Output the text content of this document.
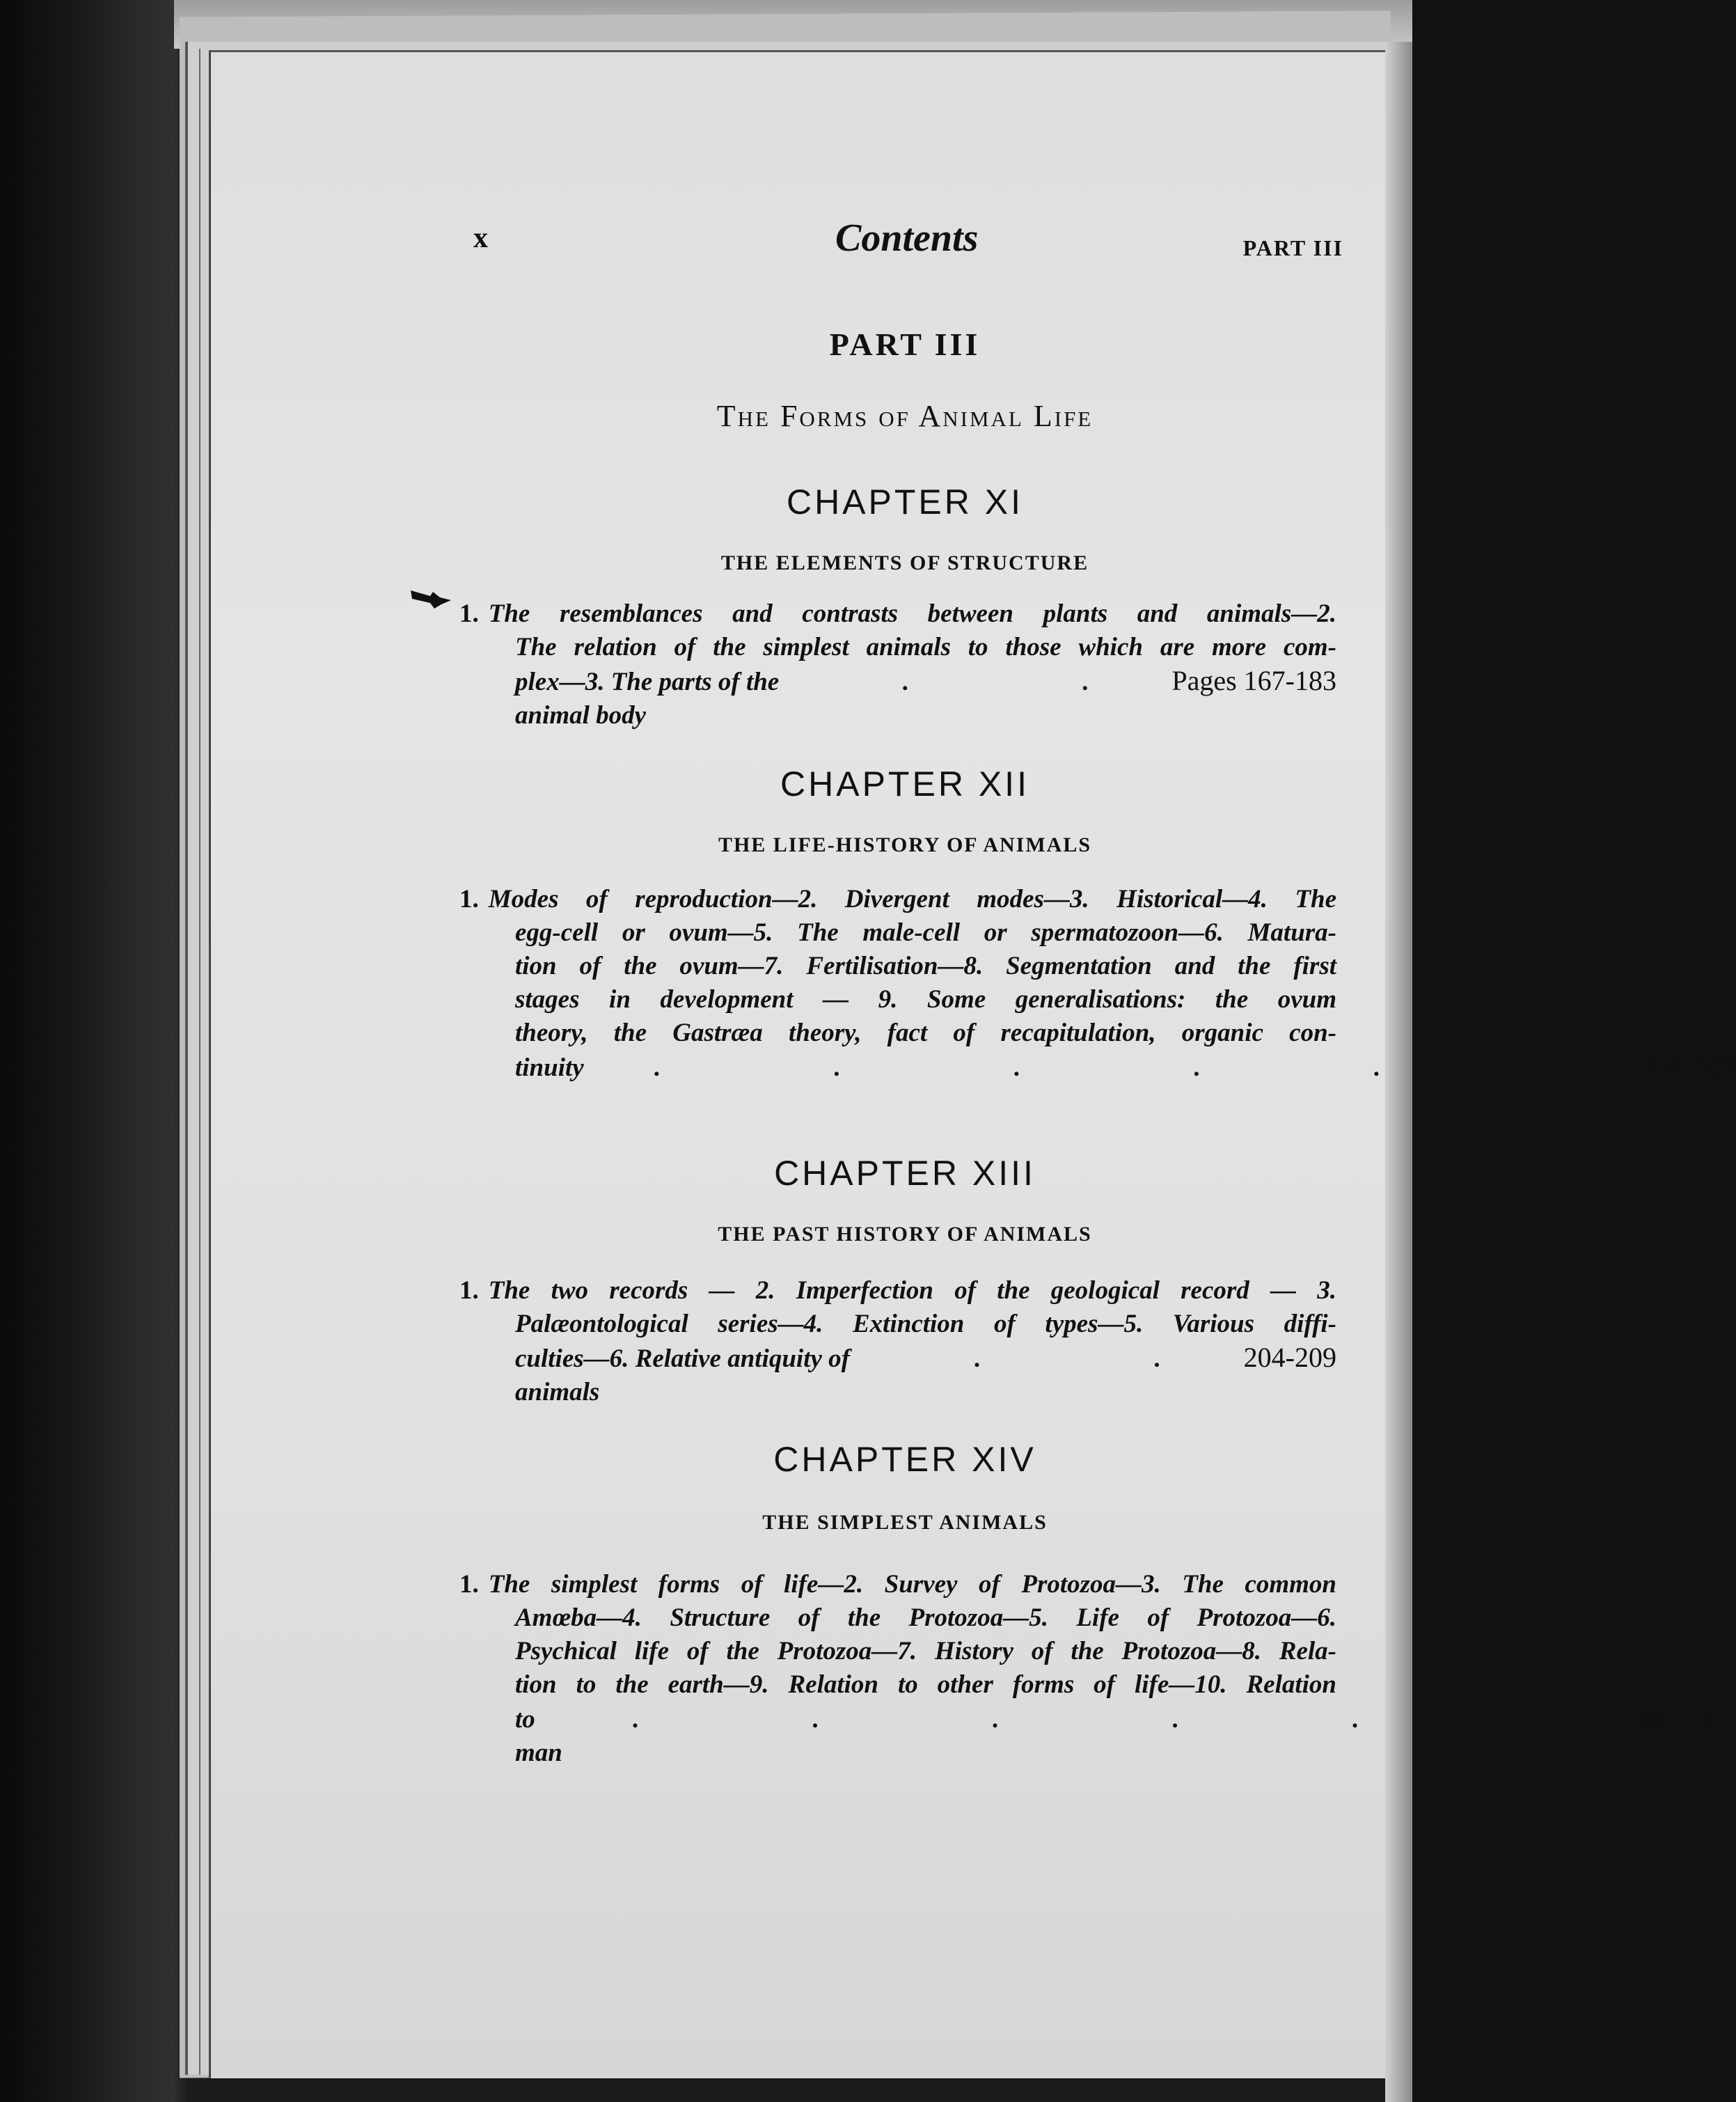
x	Contents	PART III
PART III
The Forms of Animal Life
CHAPTER XI
THE ELEMENTS OF STRUCTURE
1. The resemblances and contrasts between plants and animals—2.
The relation of the simplest animals to those which are more com-
plex—3. The parts of the animal body
. . Pages 167-183
CHAPTER XII
THE LIFE-HISTORY OF ANIMALS
1. Modes of reproduction—2. Divergent modes—3. Historical—4. The
egg-cell or ovum—5. The male-cell or spermatozoon—6. Matura-
tion of the ovum—7. Fertilisation—8. Segmentation and the first
stages in development — 9. Some generalisations: the ovum
theory, the Gastræa theory, fact of recapitulation, organic con-
tinuity	. . . . . . 184-203
CHAPTER XIII
THE PAST HISTORY OF ANIMALS
1. The two records — 2. Imperfection of the geological record — 3.
Palæontological series—4. Extinction of types—5. Various diffi-
culties—6. Relative antiquity of animals
. . 204-209
CHAPTER XIV
THE SIMPLEST ANIMALS
1. The simplest forms of life—2. Survey of Protozoa—3. The common
Amœba—4. Structure of the Protozoa—5. Life of Protozoa—6.
Psychical life of the Protozoa—7. History of the Protozoa—8. Rela-
tion to the earth—9. Relation to other forms of life—10. Relation
to man
. . . . . . 210-221
